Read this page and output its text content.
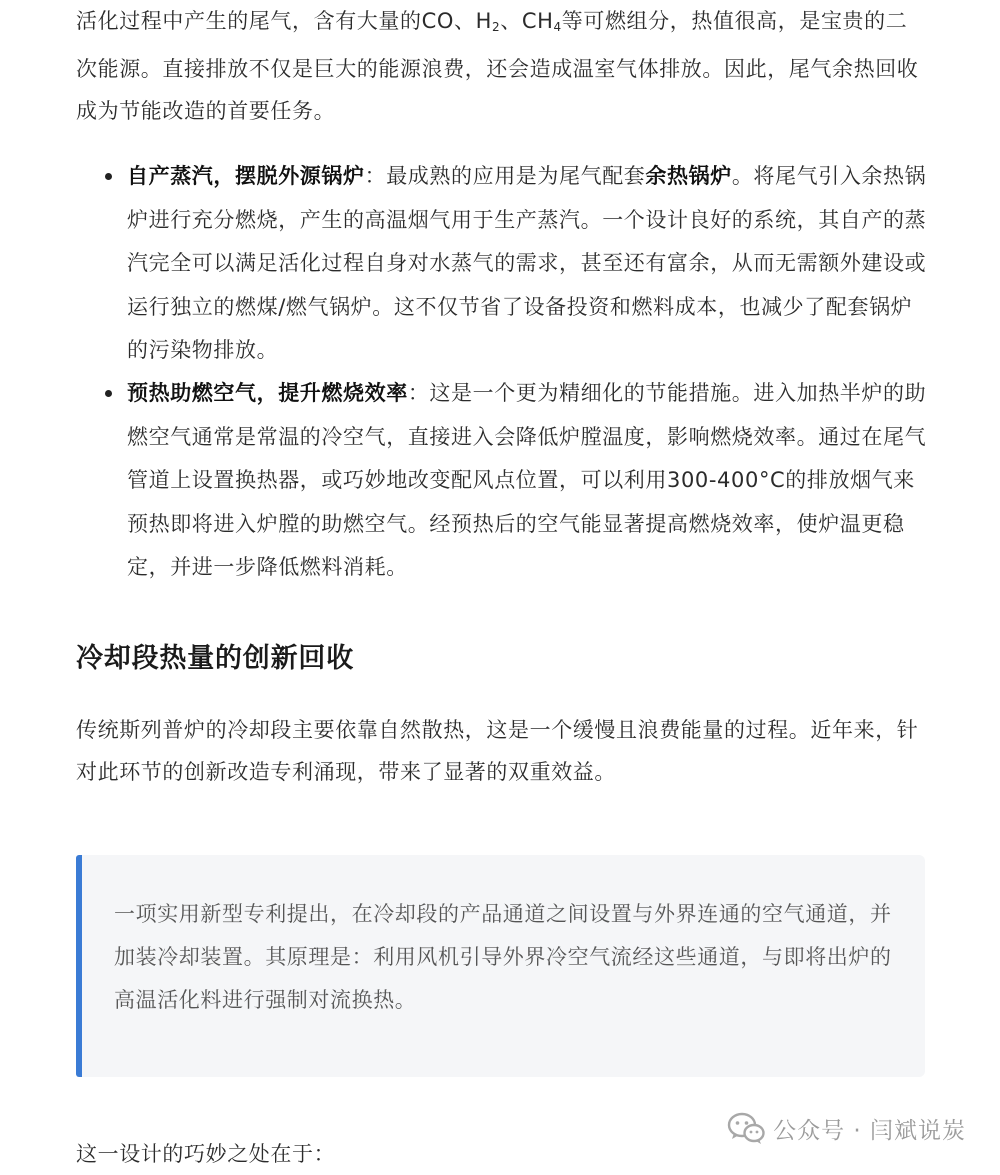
活化过程中产生的尾气，含有大量的CO、$H_2$、$CH_4$等可燃组分，热值很高，是宝贵的二次能源。直接排放不仅是巨大的能源浪费，还会造成温室气体排放。因此，尾气余热回收成为节能改造的首要任务。

自产蒸汽，摆脱外源锅炉：最成熟的应用是为尾气配套余热锅炉。将尾气引入余热锅炉进行充分燃烧，产生的高温烟气用于生产蒸汽。一个设计良好的系统，其自产的蒸汽完全可以满足活化过程自身对水蒸气的需求，甚至还有富余，从而无需额外建设或运行独立的燃煤/燃气锅炉。这不仅节省了设备投资和燃料成本，也减少了配套锅炉的污染物排放。
预热助燃空气，提升燃烧效率：这是一个更为精细化的节能措施。进入加热半炉的助燃空气通常是常温的冷空气，直接进入会降低炉膛温度，影响燃烧效率。通过在尾气管道上设置换热器，或巧妙地改变配风点位置，可以利用300-400°C的排放烟气来预热即将进入炉膛的助燃空气。经预热后的空气能显著提高燃烧效率，使炉温更稳定，并进一步降低燃料消耗。
冷却段热量的创新回收

传统斯列普炉的冷却段主要依靠自然散热，这是一个缓慢且浪费能量的过程。近年来，针对此环节的创新改造专利涌现，带来了显著的双重效益。

一项实用新型专利提出，在冷却段的产品通道之间设置与外界连通的空气通道，并加装冷却装置。其原理是：利用风机引导外界冷空气流经这些通道，与即将出炉的高温活化料进行强制对流换热。

这一设计的巧妙之处在于：

公众号 · 闫斌说炭
